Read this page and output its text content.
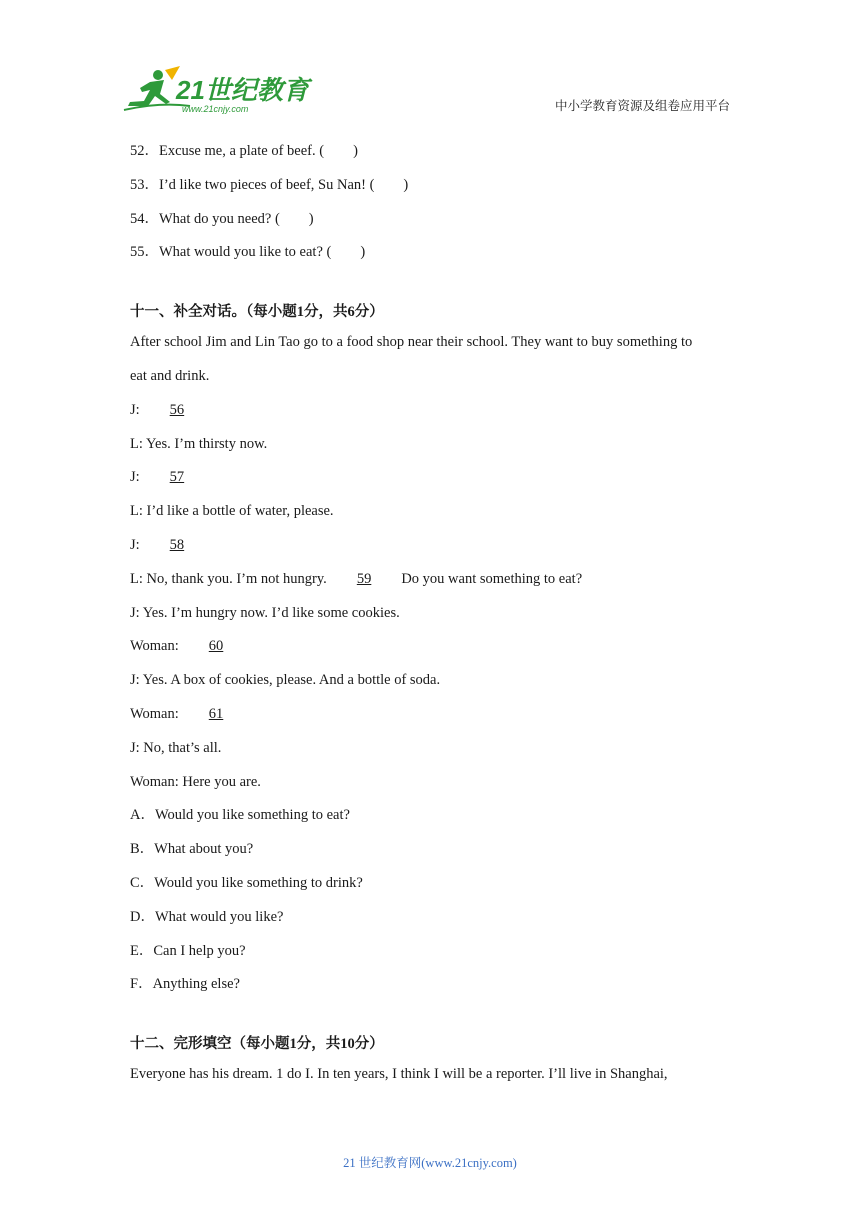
21世纪教育
www.21cnjy.com	中小学教育资源及组卷应用平台
52．Excuse me, a plate of beef. ( )
53．I’d like two pieces of beef, Su Nan! ( )
54．What do you need? ( )
55．What would you like to eat? ( )
十一、补全对话。（每小题1分，共6分）
After school Jim and Lin Tao go to a food shop near their school. They want to buy something to
eat and drink.
J: 56
L: Yes. I’m thirsty now.
J: 57
L: I’d like a bottle of water, please.
J: 58
L: No, thank you. I’m not hungry. 59 Do you want something to eat?
J: Yes. I’m hungry now. I’d like some cookies.
Woman: 60
J: Yes. A box of cookies, please. And a bottle of soda.
Woman: 61
J: No, that’s all.
Woman: Here you are.
A．Would you like something to eat?
B．What about you?
C．Would you like something to drink?
D．What would you like?
E．Can I help you?
F．Anything else?
十二、完形填空（每小题1分，共10分）
Everyone has his dream. 1 do I. In ten years, I think I will be a reporter. I’ll live in Shanghai,
21 世纪教育网(www.21cnjy.com)
